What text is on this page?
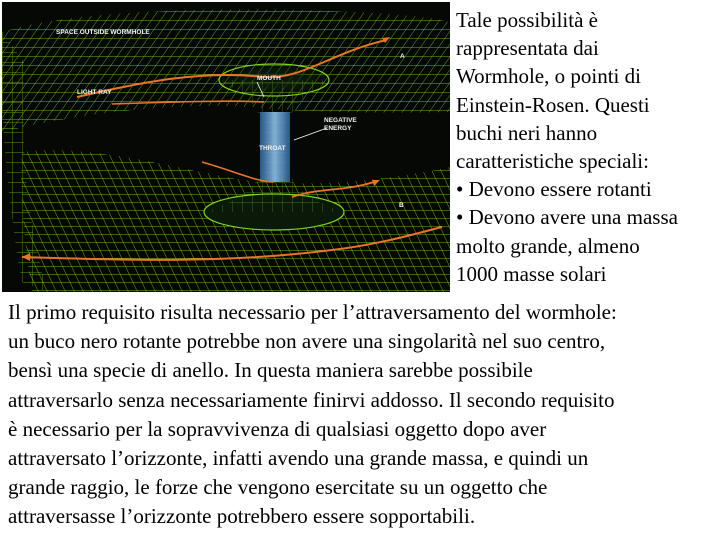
SPACE OUTSIDE WORMHOLE
LIGHT RAY
MOUTH
NEGATIVE
ENERGY
THROAT
A
B
Tale possibilità è
rappresentata dai
Wormhole, o pointi di
Einstein-Rosen. Questi
buchi neri hanno
caratteristiche speciali:
• Devono essere rotanti
• Devono avere una massa
molto grande, almeno
1000 masse solari
Il primo requisito risulta necessario per l’attraversamento del wormhole:
un buco nero rotante potrebbe non avere una singolarità nel suo centro,
bensì una specie di anello. In questa maniera sarebbe possibile
attraversarlo senza necessariamente finirvi addosso. Il secondo requisito
è necessario per la sopravvivenza di qualsiasi oggetto dopo aver
attraversato l’orizzonte, infatti avendo una grande massa, e quindi un
grande raggio, le forze che vengono esercitate su un oggetto che
attraversasse l’orizzonte potrebbero essere sopportabili.
